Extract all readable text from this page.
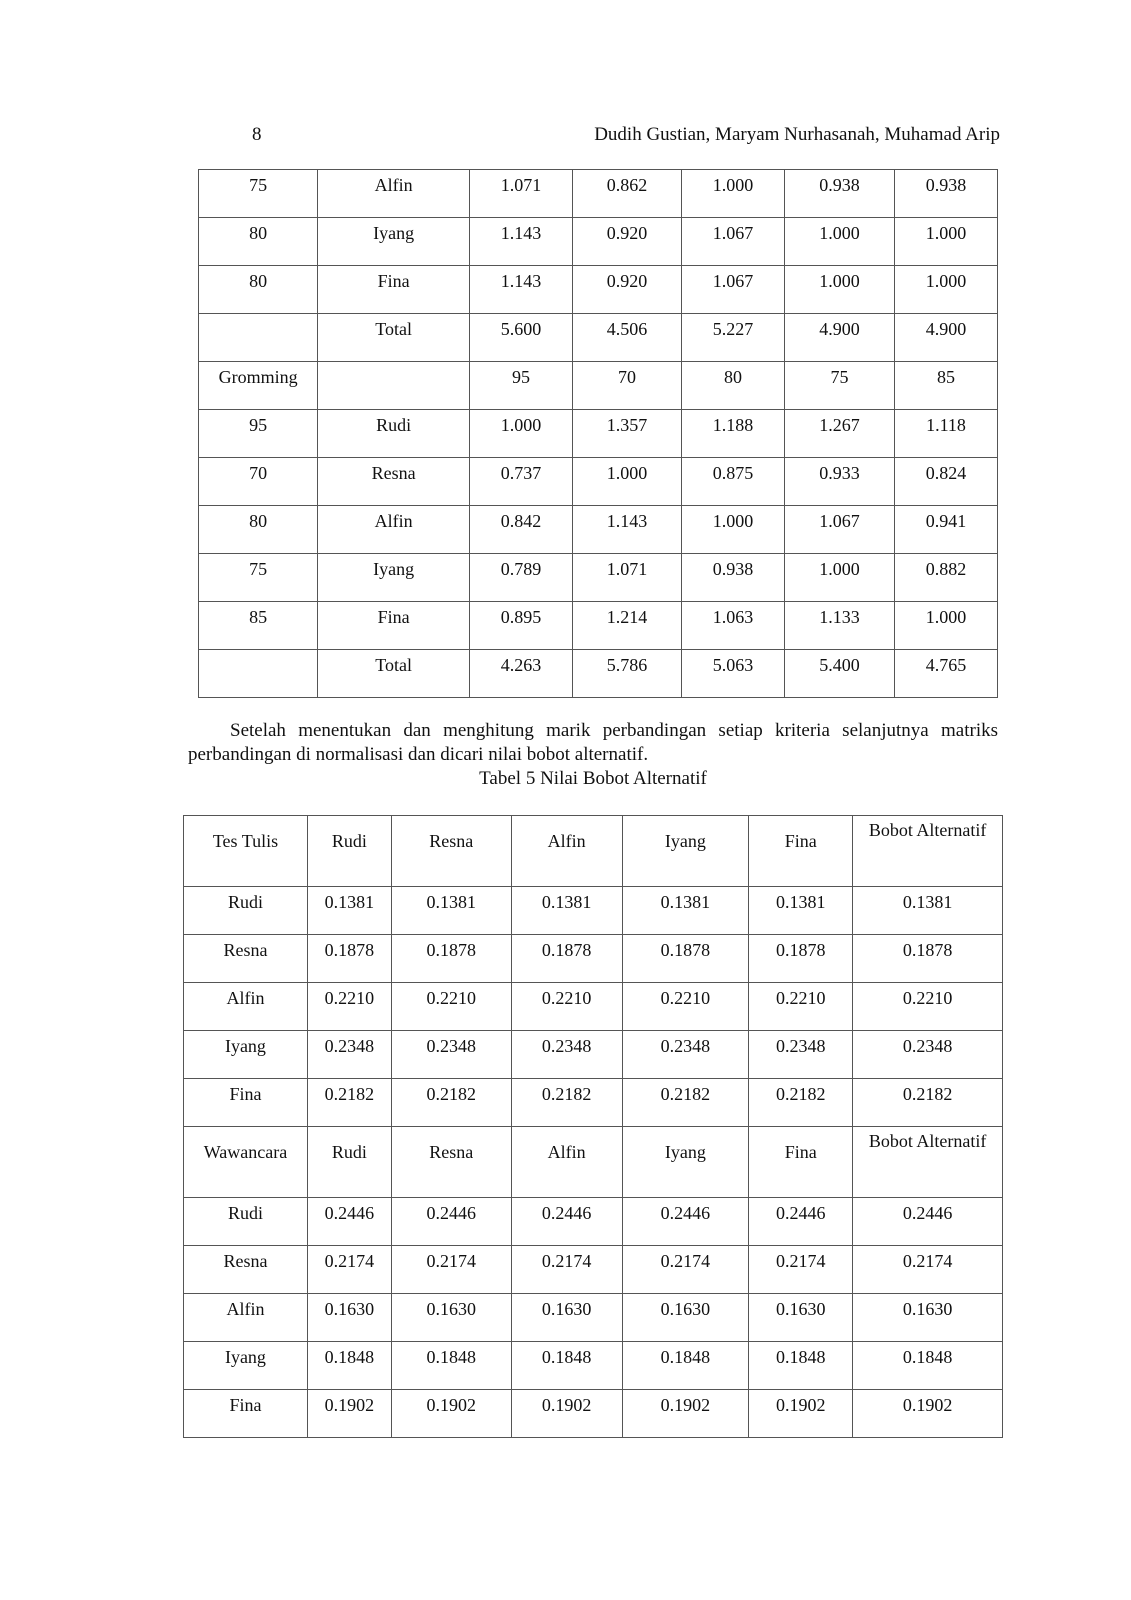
8	Dudih Gustian, Maryam Nurhasanah, Muhamad Arip
75	Alfin	1.071	0.862	1.000	0.938	0.938
80	Iyang	1.143	0.920	1.067	1.000	1.000
80	Fina	1.143	0.920	1.067	1.000	1.000
	Total	5.600	4.506	5.227	4.900	4.900
Gromming		95	70	80	75	85
95	Rudi	1.000	1.357	1.188	1.267	1.118
70	Resna	0.737	1.000	0.875	0.933	0.824
80	Alfin	0.842	1.143	1.000	1.067	0.941
75	Iyang	0.789	1.071	0.938	1.000	0.882
85	Fina	0.895	1.214	1.063	1.133	1.000
	Total	4.263	5.786	5.063	5.400	4.765
Setelah menentukan dan menghitung marik perbandingan setiap kriteria selanjutnya matriks perbandingan di normalisasi dan dicari nilai bobot alternatif.
Tabel 5 Nilai Bobot Alternatif
Tes Tulis	Rudi	Resna	Alfin	Iyang	Fina	Bobot Alternatif
Rudi	0.1381	0.1381	0.1381	0.1381	0.1381	0.1381
Resna	0.1878	0.1878	0.1878	0.1878	0.1878	0.1878
Alfin	0.2210	0.2210	0.2210	0.2210	0.2210	0.2210
Iyang	0.2348	0.2348	0.2348	0.2348	0.2348	0.2348
Fina	0.2182	0.2182	0.2182	0.2182	0.2182	0.2182
Wawancara	Rudi	Resna	Alfin	Iyang	Fina	Bobot Alternatif
Rudi	0.2446	0.2446	0.2446	0.2446	0.2446	0.2446
Resna	0.2174	0.2174	0.2174	0.2174	0.2174	0.2174
Alfin	0.1630	0.1630	0.1630	0.1630	0.1630	0.1630
Iyang	0.1848	0.1848	0.1848	0.1848	0.1848	0.1848
Fina	0.1902	0.1902	0.1902	0.1902	0.1902	0.1902
